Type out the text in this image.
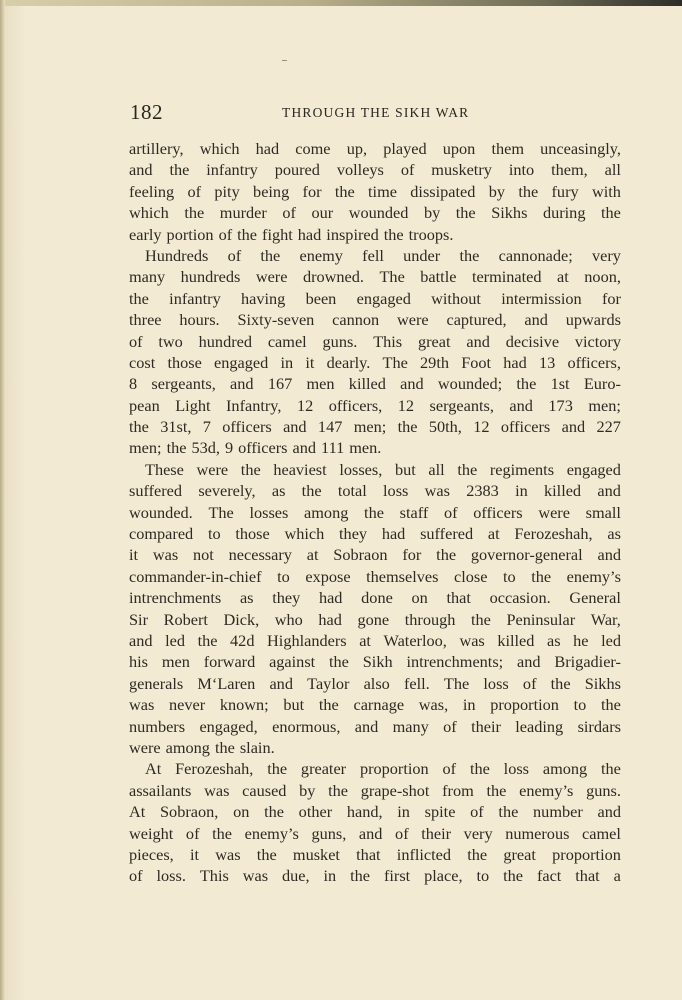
182	THROUGH THE SIKH WAR
artillery, which had come up, played upon them unceasingly,
and the infantry poured volleys of musketry into them, all
feeling of pity being for the time dissipated by the fury with
which the murder of our wounded by the Sikhs during the
early portion of the fight had inspired the troops.
Hundreds of the enemy fell under the cannonade; very
many hundreds were drowned. The battle terminated at noon,
the infantry having been engaged without intermission for
three hours. Sixty-seven cannon were captured, and upwards
of two hundred camel guns. This great and decisive victory
cost those engaged in it dearly. The 29th Foot had 13 officers,
8 sergeants, and 167 men killed and wounded; the 1st Euro-
pean Light Infantry, 12 officers, 12 sergeants, and 173 men;
the 31st, 7 officers and 147 men; the 50th, 12 officers and 227
men; the 53d, 9 officers and 111 men.
These were the heaviest losses, but all the regiments engaged
suffered severely, as the total loss was 2383 in killed and
wounded. The losses among the staff of officers were small
compared to those which they had suffered at Ferozeshah, as
it was not necessary at Sobraon for the governor-general and
commander-in-chief to expose themselves close to the enemy’s
intrenchments as they had done on that occasion. General
Sir Robert Dick, who had gone through the Peninsular War,
and led the 42d Highlanders at Waterloo, was killed as he led
his men forward against the Sikh intrenchments; and Brigadier-
generals M‘Laren and Taylor also fell. The loss of the Sikhs
was never known; but the carnage was, in proportion to the
numbers engaged, enormous, and many of their leading sirdars
were among the slain.
At Ferozeshah, the greater proportion of the loss among the
assailants was caused by the grape-shot from the enemy’s guns.
At Sobraon, on the other hand, in spite of the number and
weight of the enemy’s guns, and of their very numerous camel
pieces, it was the musket that inflicted the great proportion
of loss. This was due, in the first place, to the fact that a
